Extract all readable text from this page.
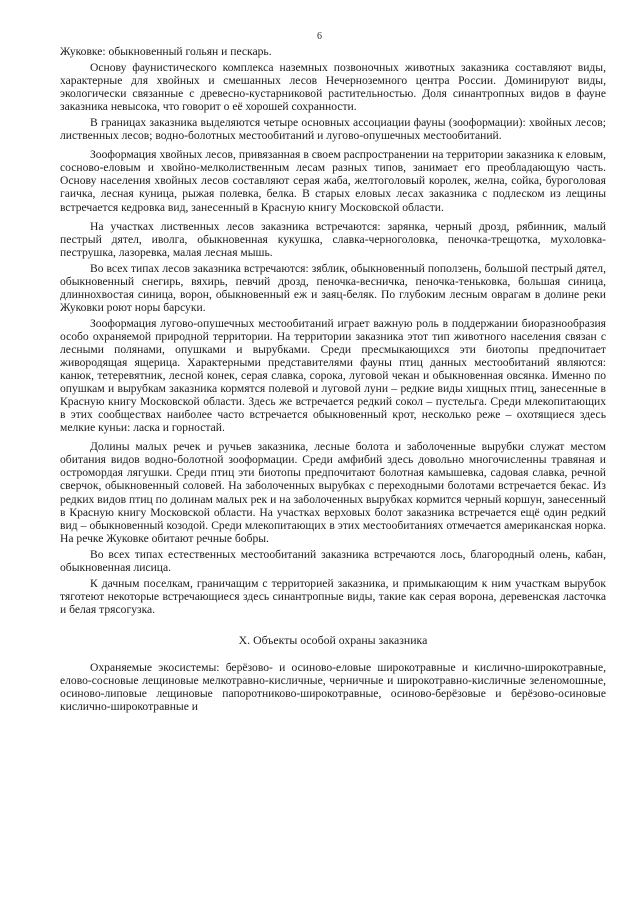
6

Жуковке: обыкновенный гольян и пескарь.

Основу фаунистического комплекса наземных позвоночных животных заказника составляют виды, характерные для хвойных и смешанных лесов Нечерноземного центра России. Доминируют виды, экологически связанные с древесно-кустарниковой растительностью. Доля синантропных видов в фауне заказника невысока, что говорит о её хорошей сохранности.

В границах заказника выделяются четыре основных ассоциации фауны (зооформации): хвойных лесов; лиственных лесов; водно-болотных местообитаний и лугово-опушечных местообитаний.

Зооформация хвойных лесов, привязанная в своем распространении на территории заказника к еловым, сосново-еловым и хвойно-мелколиственным лесам разных типов, занимает его преобладающую часть. Основу населения хвойных лесов составляют серая жаба, желтоголовый королек, желна, сойка, буроголовая гаичка, лесная куница, рыжая полевка, белка. В старых еловых лесах заказника с подлеском из лещины встречается кедровка вид, занесенный в Красную книгу Московской области.

На участках лиственных лесов заказника встречаются: зарянка, черный дрозд, рябинник, малый пестрый дятел, иволга, обыкновенная кукушка, славка-черноголовка, пеночка-трещотка, мухоловка-пеструшка, лазоревка, малая лесная мышь.

Во всех типах лесов заказника встречаются: зяблик, обыкновенный поползень, большой пестрый дятел, обыкновенный снегирь, вяхирь, певчий дрозд, пеночка-весничка, пеночка-теньковка, большая синица, длиннохвостая синица, ворон, обыкновенный еж и заяц-беляк. По глубоким лесным оврагам в долине реки Жуковки роют норы барсуки.

Зооформация лугово-опушечных местообитаний играет важную роль в поддержании биоразнообразия особо охраняемой природной территории. На территории заказника этот тип животного населения связан с лесными полянами, опушками и вырубками. Среди пресмыкающихся эти биотопы предпочитает живородящая ящерица. Характерными представителями фауны птиц данных местообитаний являются: канюк, тетеревятник, лесной конек, серая славка, сорока, луговой чекан и обыкновенная овсянка. Именно по опушкам и вырубкам заказника кормятся полевой и луговой луни – редкие виды хищных птиц, занесенные в Красную книгу Московской области. Здесь же встречается редкий сокол – пустельга. Среди млекопитающих в этих сообществах наиболее часто встречается обыкновенный крот, несколько реже – охотящиеся здесь мелкие куньи: ласка и горностай.

Долины малых речек и ручьев заказника, лесные болота и заболоченные вырубки служат местом обитания видов водно-болотной зооформации. Среди амфибий здесь довольно многочисленны травяная и остромордая лягушки. Среди птиц эти биотопы предпочитают болотная камышевка, садовая славка, речной сверчок, обыкновенный соловей. На заболоченных вырубках с переходными болотами встречается бекас. Из редких видов птиц по долинам малых рек и на заболоченных вырубках кормится черный коршун, занесенный в Красную книгу Московской области. На участках верховых болот заказника встречается ещё один редкий вид – обыкновенный козодой. Среди млекопитающих в этих местообитаниях отмечается американская норка. На речке Жуковке обитают речные бобры.

Во всех типах естественных местообитаний заказника встречаются лось, благородный олень, кабан, обыкновенная лисица.

К дачным поселкам, граничащим с территорией заказника, и примыкающим к ним участкам вырубок тяготеют некоторые встречающиеся здесь синантропные виды, такие как серая ворона, деревенская ласточка и белая трясогузка.

X. Объекты особой охраны заказника

Охраняемые экосистемы: берёзово- и осиново-еловые широкотравные и кислично-широкотравные, елово-сосновые лещиновые мелкотравно-кисличные, черничные и широкотравно-кисличные зеленомошные, осиново-липовые лещиновые папоротниково-широкотравные, осиново-берёзовые и берёзово-осиновые кислично-широкотравные и
